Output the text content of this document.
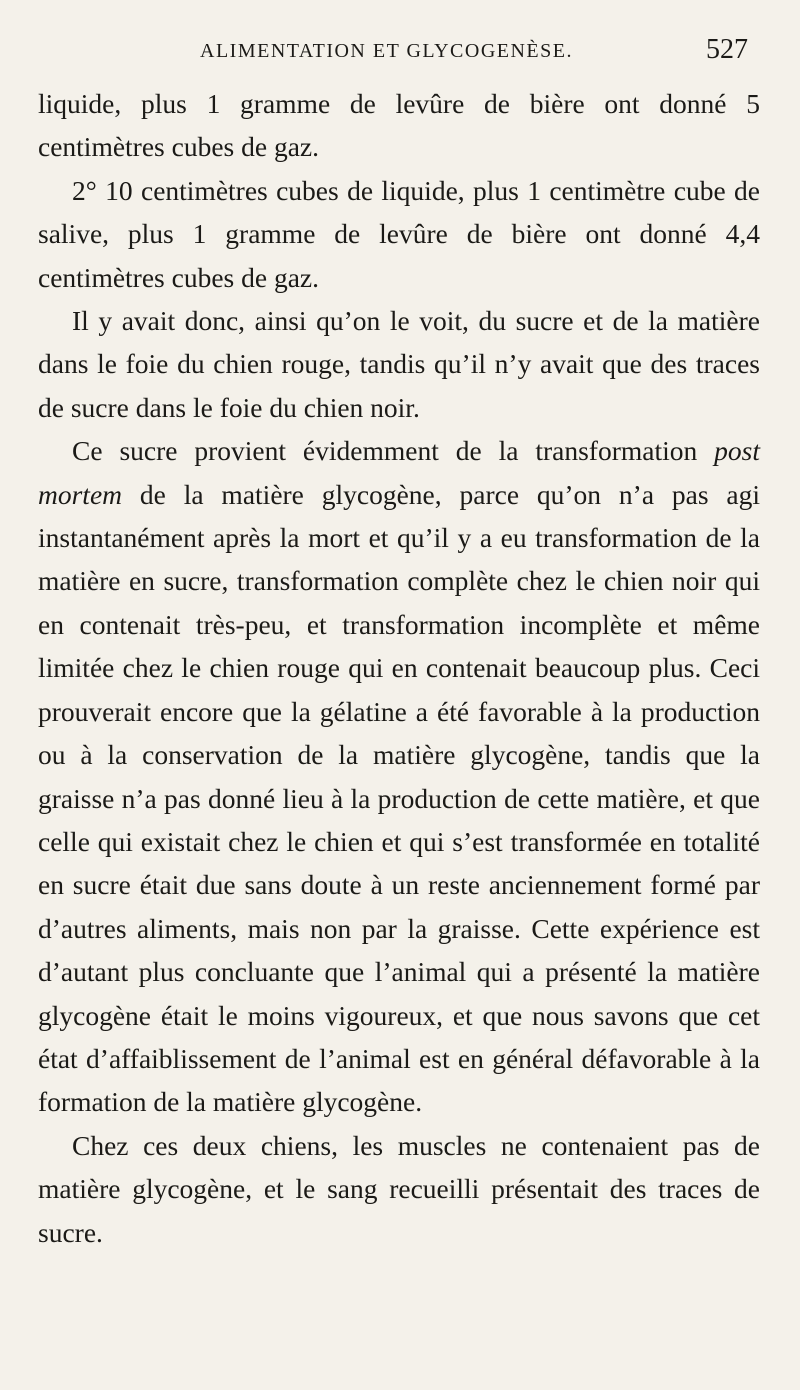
ALIMENTATION ET GLYCOGENÈSE.	527

liquide, plus 1 gramme de levûre de bière ont donné 5 centimètres cubes de gaz.

2° 10 centimètres cubes de liquide, plus 1 centimètre cube de salive, plus 1 gramme de levûre de bière ont donné 4,4 centimètres cubes de gaz.

Il y avait donc, ainsi qu’on le voit, du sucre et de la matière dans le foie du chien rouge, tandis qu’il n’y avait que des traces de sucre dans le foie du chien noir.

Ce sucre provient évidemment de la transformation post mortem de la matière glycogène, parce qu’on n’a pas agi instantanément après la mort et qu’il y a eu transformation de la matière en sucre, transformation complète chez le chien noir qui en contenait très-peu, et transformation incomplète et même limitée chez le chien rouge qui en contenait beaucoup plus. Ceci prouverait encore que la gélatine a été favorable à la production ou à la conservation de la matière glycogène, tandis que la graisse n’a pas donné lieu à la production de cette matière, et que celle qui existait chez le chien et qui s’est transformée en totalité en sucre était due sans doute à un reste anciennement formé par d’autres aliments, mais non par la graisse. Cette expérience est d’autant plus concluante que l’animal qui a présenté la matière glycogène était le moins vigoureux, et que nous savons que cet état d’affaiblissement de l’animal est en général défavorable à la formation de la matière glycogène.

Chez ces deux chiens, les muscles ne contenaient pas de matière glycogène, et le sang recueilli présentait des traces de sucre.
